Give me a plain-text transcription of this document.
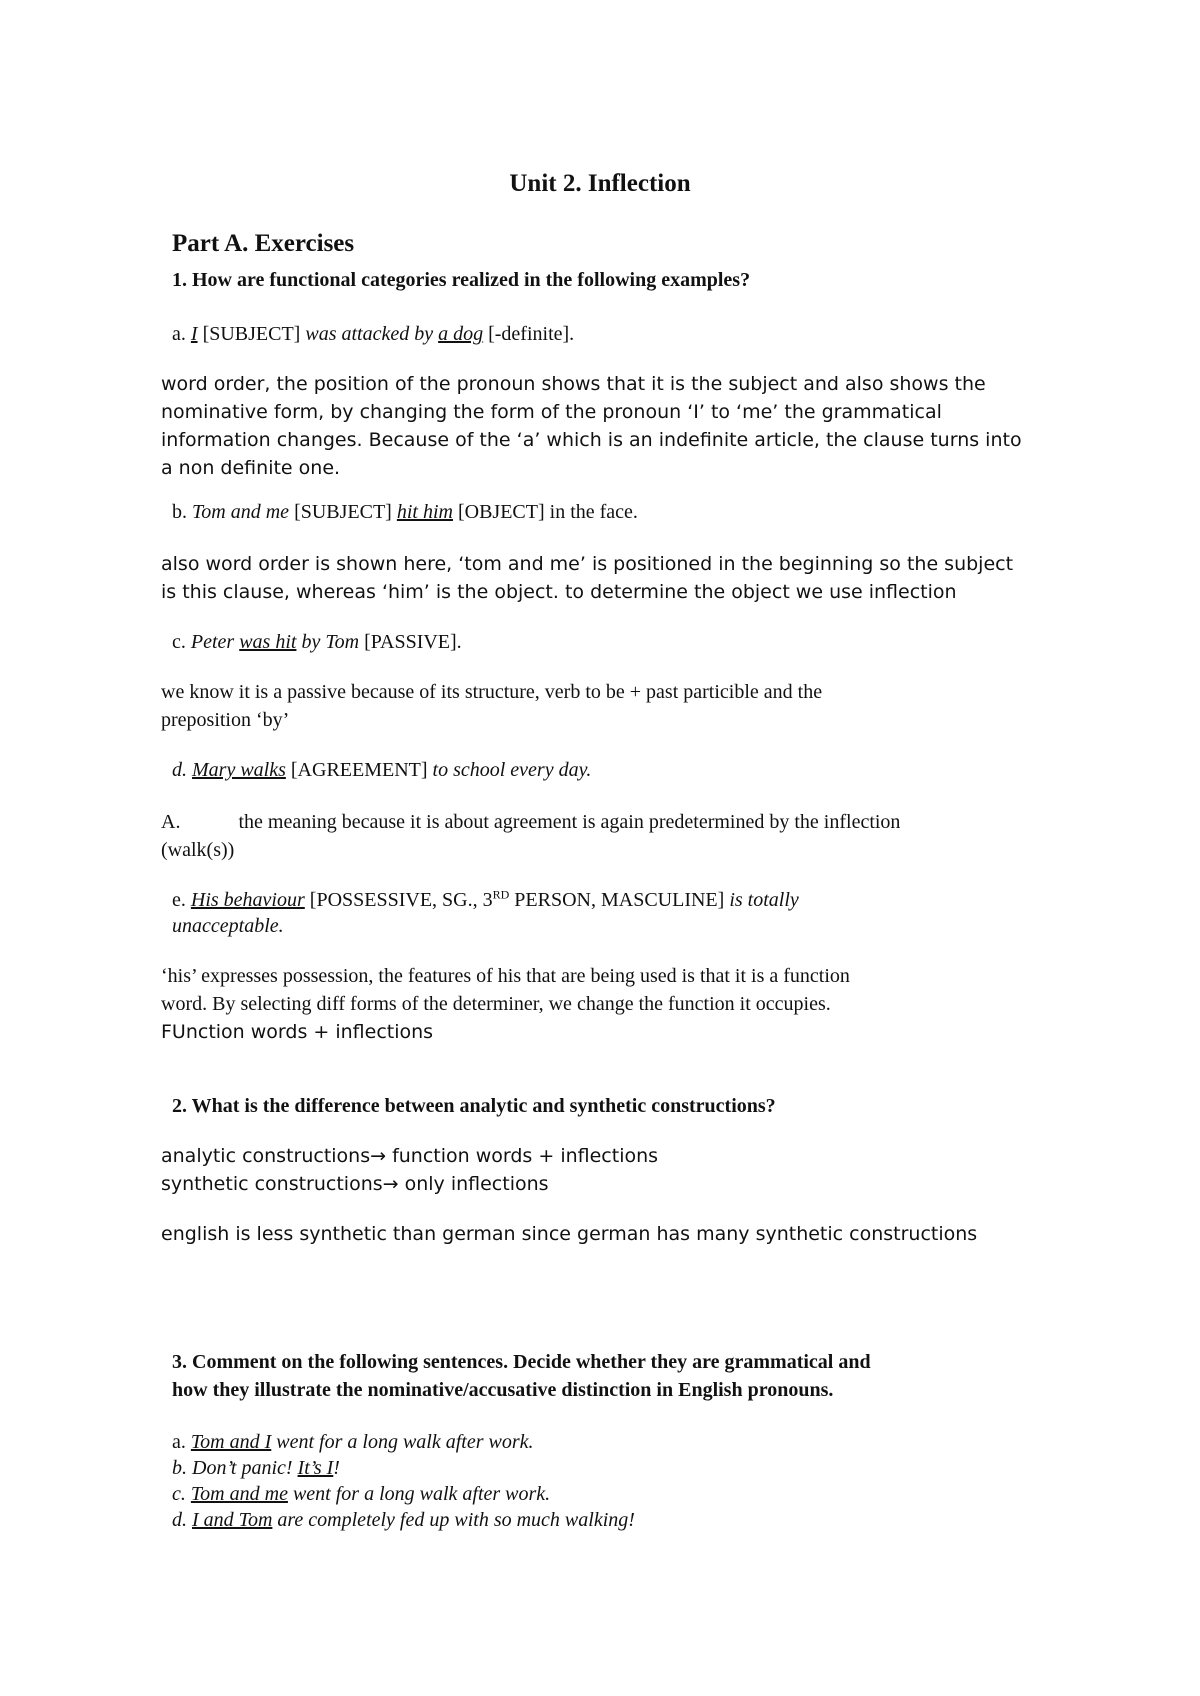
Unit 2. Inflection
Part A. Exercises
1. How are functional categories realized in the following examples?
a. I [SUBJECT] was attacked by a dog [-definite].
word order, the position of the pronoun shows that it is the subject and also shows the
nominative form, by changing the form of the pronoun ‘I’ to ‘me’ the grammatical
information changes. Because of the ‘a’ which is an indefinite article, the clause turns into
a non definite one.
b. Tom and me [SUBJECT] hit him [OBJECT] in the face.
also word order is shown here, ‘tom and me’ is positioned in the beginning so the subject
is this clause, whereas ‘him’ is the object. to determine the object we use inflection
c. Peter was hit by Tom [PASSIVE].
we know it is a passive because of its structure, verb to be + past particible and the
preposition ‘by’
d. Mary walks [AGREEMENT] to school every day.
A.	the meaning because it is about agreement is again predetermined by the inflection
(walk(s))
e. His behaviour [POSSESSIVE, SG., 3RD PERSON, MASCULINE] is totally
unacceptable.
‘his’ expresses possession, the features of his that are being used is that it is a function
word. By selecting diff forms of the determiner, we change the function it occupies.
FUnction words + inflections
2. What is the difference between analytic and synthetic constructions?
analytic constructions→ function words + inflections
synthetic constructions→ only inflections
english is less synthetic than german since german has many synthetic constructions
3. Comment on the following sentences. Decide whether they are grammatical and
how they illustrate the nominative/accusative distinction in English pronouns.
a. Tom and I went for a long walk after work.
b. Don’t panic! It’s I!
c. Tom and me went for a long walk after work.
d. I and Tom are completely fed up with so much walking!
